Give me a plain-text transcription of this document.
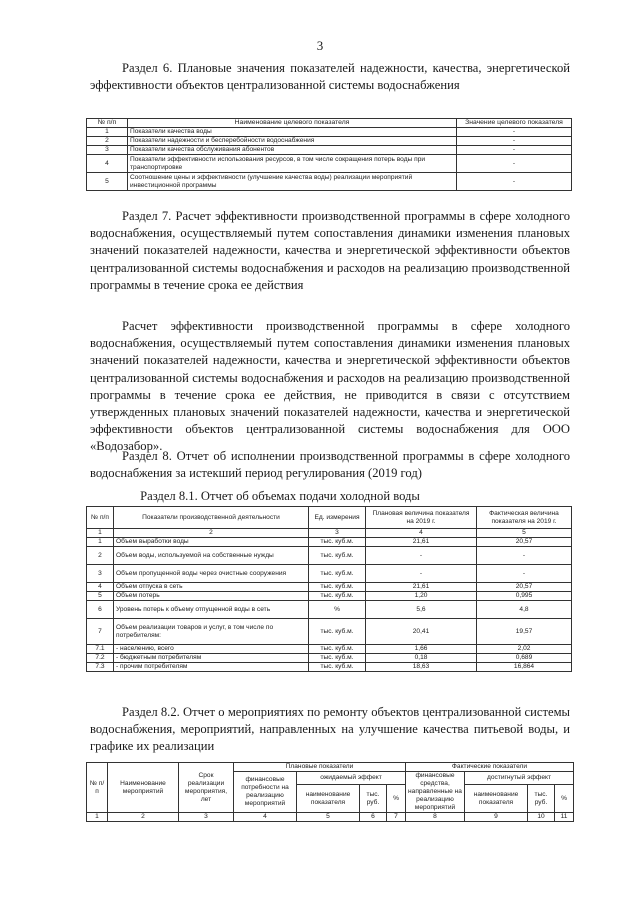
3

Раздел 6. Плановые значения показателей надежности, качества, энергетической эффективности объектов централизованной системы водоснабжения

№ п/п	Наименование целевого показателя	Значение целевого показателя
1	Показатели качества воды	-
2	Показатели надежности и бесперебойности водоснабжения	-
3	Показатели качества обслуживания абонентов	-
4	Показатели эффективности использования ресурсов, в том числе сокращения потерь воды при транспортировке	-
5	Соотношение цены и эффективности (улучшение качества воды) реализации мероприятий инвестиционной программы	-

Раздел 7. Расчет эффективности производственной программы в сфере холодного водоснабжения, осуществляемый путем сопоставления динамики изменения плановых значений показателей надежности, качества и энергетической эффективности объектов централизованной системы водоснабжения и расходов на реализацию производственной программы в течение срока ее действия

Расчет эффективности производственной программы в сфере холодного водоснабжения, осуществляемый путем сопоставления динамики изменения плановых значений показателей надежности, качества и энергетической эффективности объектов централизованной системы водоснабжения и расходов на реализацию производственной программы в течение срока ее действия, не приводится в связи с отсутствием утвержденных плановых значений показателей надежности, качества и энергетической эффективности объектов централизованной системы водоснабжения для ООО «Водозабор».

Раздел 8. Отчет об исполнении производственной программы в сфере холодного водоснабжения за истекший период регулирования (2019 год)

Раздел 8.1. Отчет об объемах подачи холодной воды

№ п/п	Показатели производственной деятельности	Ед. измерения	Плановая величина показателя на 2019 г.	Фактическая величина показателя на 2019 г.
1	2	3	4	5
1	Объем выработки воды	тыс. куб.м.	21,61	20,57
2	Объем воды, используемой на собственные нужды	тыс. куб.м.	-	-
3	Объем пропущенной воды через очистные сооружения	тыс. куб.м.	-	-
4	Объем отпуска в сеть	тыс. куб.м.	21,61	20,57
5	Объем потерь	тыс. куб.м.	1,20	0,995
6	Уровень потерь к объему отпущенной воды в сеть	%	5,6	4,8
7	Объем реализации товаров и услуг, в том числе по потребителям:	тыс. куб.м.	20,41	19,57
7.1	- населению, всего	тыс. куб.м.	1,66	2,02
7.2	- бюджетным потребителям	тыс. куб.м.	0,18	0,689
7.3	- прочим потребителям	тыс. куб.м.	18,63	16,864

Раздел 8.2. Отчет о мероприятиях по ремонту объектов централизованной системы водоснабжения, мероприятий, направленных на улучшение качества питьевой воды, и графике их реализации

№ п/п	Наименование мероприятий	Срок реализации мероприятия, лет	Плановые показатели				Фактические показатели			
			финансовые потребности на реализацию мероприятий	ожидаемый эффект			финансовые средства, направленные на реализацию мероприятий	достигнутый эффект		
				наименование показателя	тыс. руб.	%		наименование показателя	тыс. руб.	%
1	2	3	4	5	6	7	8	9	10	11
